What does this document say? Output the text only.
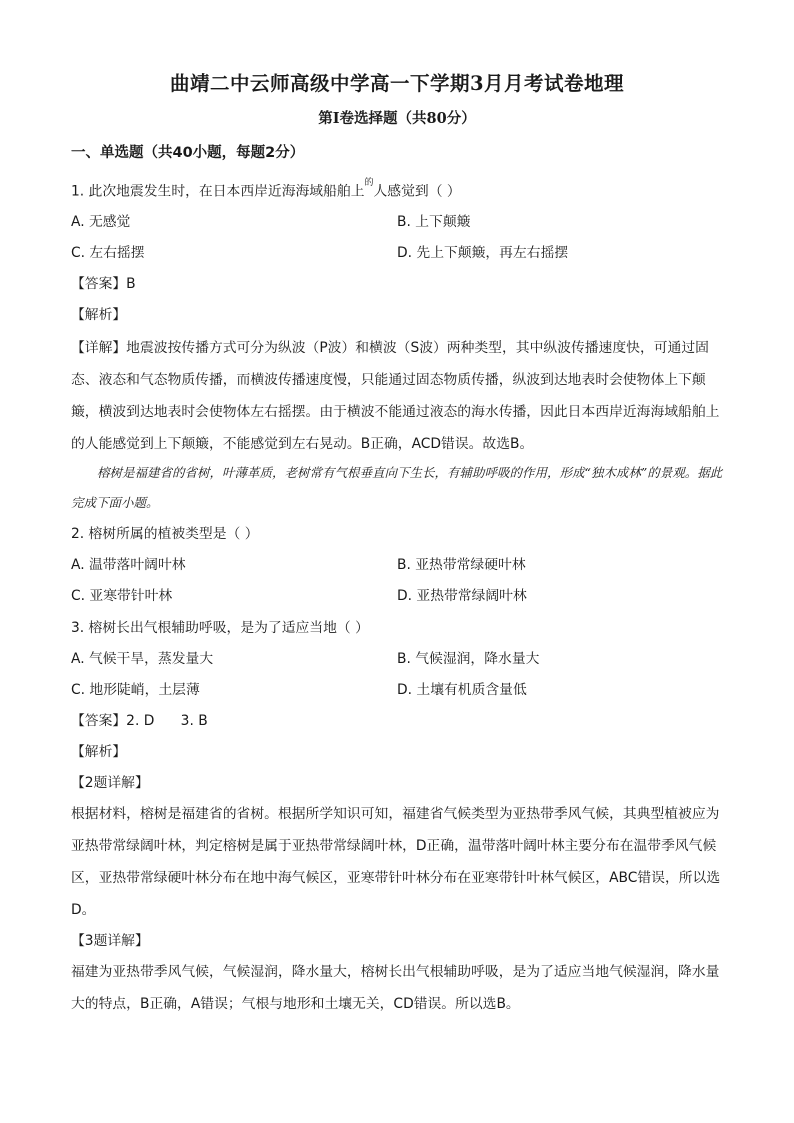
曲靖二中云师高级中学高一下学期3月月考试卷地理
第Ⅰ卷选择题（共80分）
一、单选题（共40小题，每题2分）
1. 此次地震发生时，在日本西岸近海海域船舶上$^的$人感觉到（ ）
A. 无感觉	B. 上下颠簸
C. 左右摇摆	D. 先上下颠簸，再左右摇摆
【答案】B
【解析】
【详解】地震波按传播方式可分为纵波（P波）和横波（S波）两种类型，其中纵波传播速度快，可通过固态、液态和气态物质传播，而横波传播速度慢，只能通过固态物质传播，纵波到达地表时会使物体上下颠簸，横波到达地表时会使物体左右摇摆。由于横波不能通过液态的海水传播，因此日本西岸近海海域船舶上的人能感觉到上下颠簸，不能感觉到左右晃动。B正确，ACD错误。故选B。
榕树是福建省的省树，叶薄革质，老树常有气根垂直向下生长，有辅助呼吸的作用，形成“独木成林”的景观。据此完成下面小题。
2. 榕树所属的植被类型是（ ）
A. 温带落叶阔叶林	B. 亚热带常绿硬叶林
C. 亚寒带针叶林	D. 亚热带常绿阔叶林
3. 榕树长出气根辅助呼吸，是为了适应当地（ ）
A. 气候干旱，蒸发量大	B. 气候湿润，降水量大
C. 地形陡峭，土层薄	D. 土壤有机质含量低
【答案】2. D      3. B
【解析】
【2题详解】
根据材料，榕树是福建省的省树。根据所学知识可知，福建省气候类型为亚热带季风气候，其典型植被应为亚热带常绿阔叶林，判定榕树是属于亚热带常绿阔叶林，D正确，温带落叶阔叶林主要分布在温带季风气候区，亚热带常绿硬叶林分布在地中海气候区，亚寒带针叶林分布在亚寒带针叶林气候区，ABC错误，所以选D。
【3题详解】
福建为亚热带季风气候，气候湿润，降水量大，榕树长出气根辅助呼吸，是为了适应当地气候湿润，降水量大的特点，B正确，A错误；气根与地形和土壤无关，CD错误。所以选B。
